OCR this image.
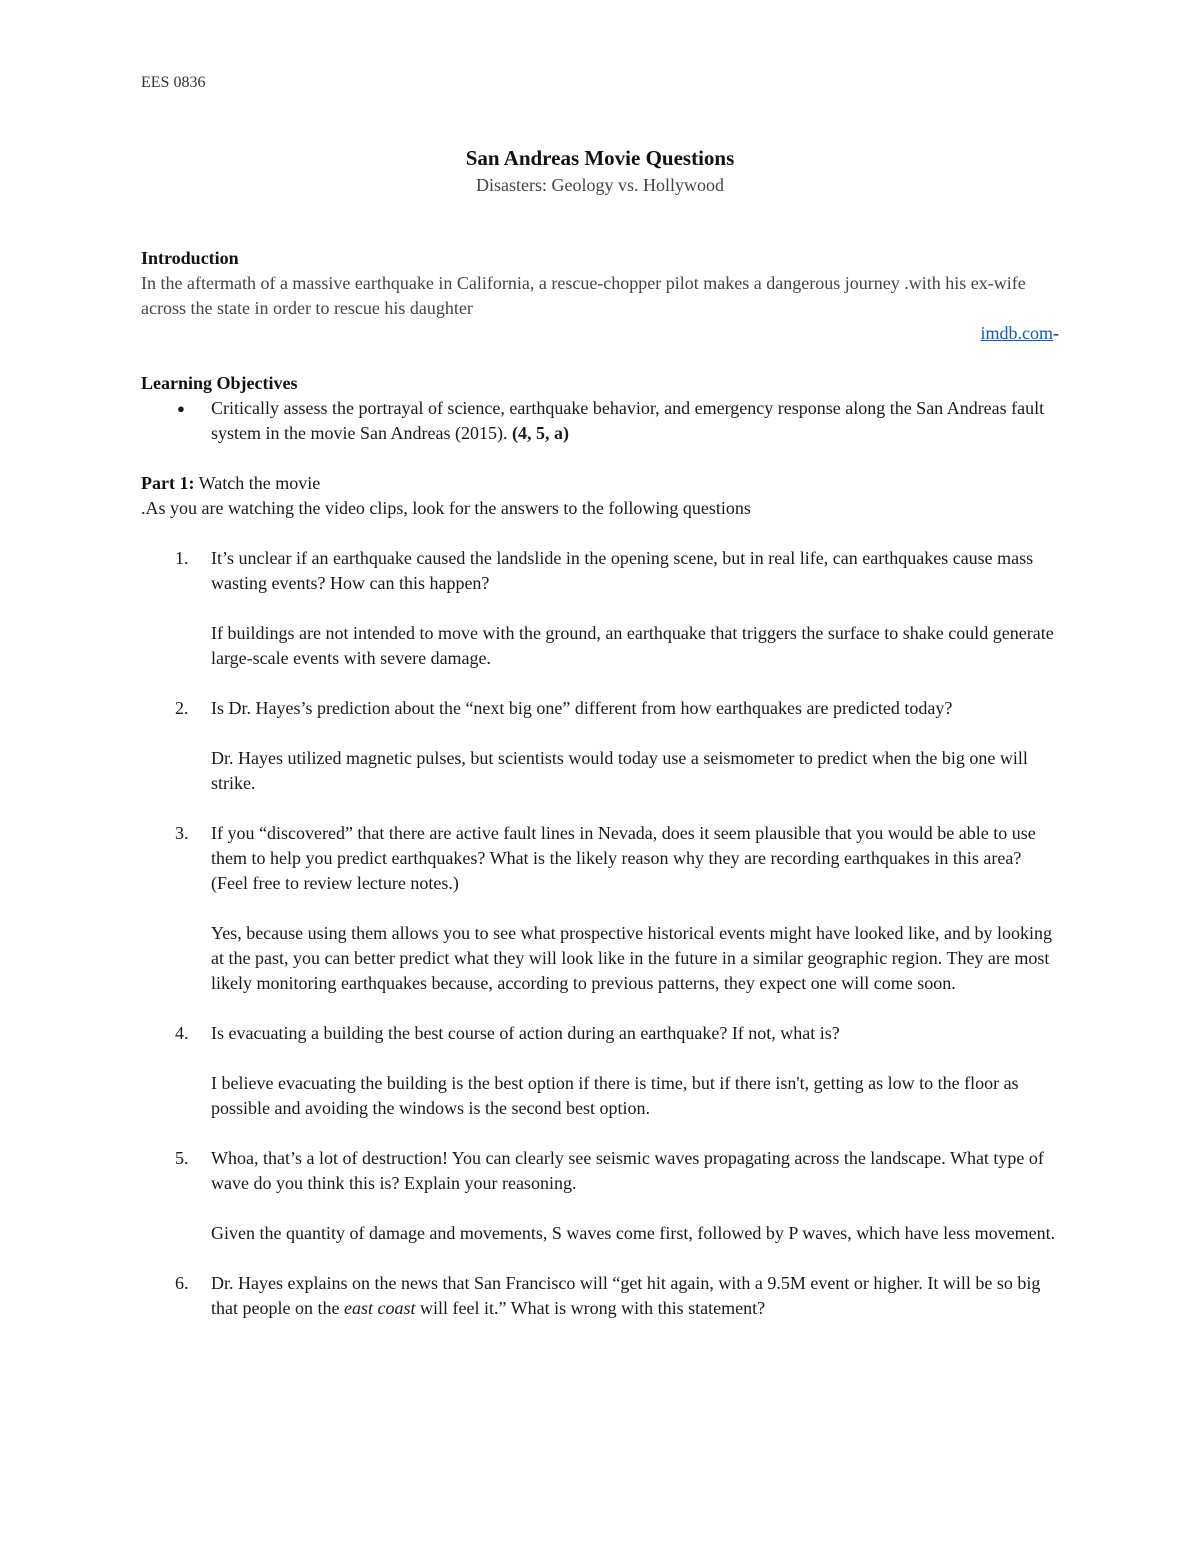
EES 0836
San Andreas Movie Questions
Disasters: Geology vs. Hollywood
Introduction
In the aftermath of a massive earthquake in California, a rescue-chopper pilot makes a dangerous journey .with his ex-wife across the state in order to rescue his daughter
imdb.com-
Learning Objectives
● Critically assess the portrayal of science, earthquake behavior, and emergency response along the San Andreas fault system in the movie San Andreas (2015). (4, 5, a)
Part 1: Watch the movie
.As you are watching the video clips, look for the answers to the following questions
1. It’s unclear if an earthquake caused the landslide in the opening scene, but in real life, can earthquakes cause mass wasting events? How can this happen?
If buildings are not intended to move with the ground, an earthquake that triggers the surface to shake could generate large-scale events with severe damage.
2. Is Dr. Hayes’s prediction about the “next big one” different from how earthquakes are predicted today?
Dr. Hayes utilized magnetic pulses, but scientists would today use a seismometer to predict when the big one will strike.
3. If you “discovered” that there are active fault lines in Nevada, does it seem plausible that you would be able to use them to help you predict earthquakes? What is the likely reason why they are recording earthquakes in this area? (Feel free to review lecture notes.)
Yes, because using them allows you to see what prospective historical events might have looked like, and by looking at the past, you can better predict what they will look like in the future in a similar geographic region. They are most likely monitoring earthquakes because, according to previous patterns, they expect one will come soon.
4. Is evacuating a building the best course of action during an earthquake? If not, what is?
I believe evacuating the building is the best option if there is time, but if there isn't, getting as low to the floor as possible and avoiding the windows is the second best option.
5. Whoa, that’s a lot of destruction! You can clearly see seismic waves propagating across the landscape. What type of wave do you think this is? Explain your reasoning.
Given the quantity of damage and movements, S waves come first, followed by P waves, which have less movement.
6. Dr. Hayes explains on the news that San Francisco will “get hit again, with a 9.5M event or higher. It will be so big that people on the east coast will feel it.” What is wrong with this statement?
